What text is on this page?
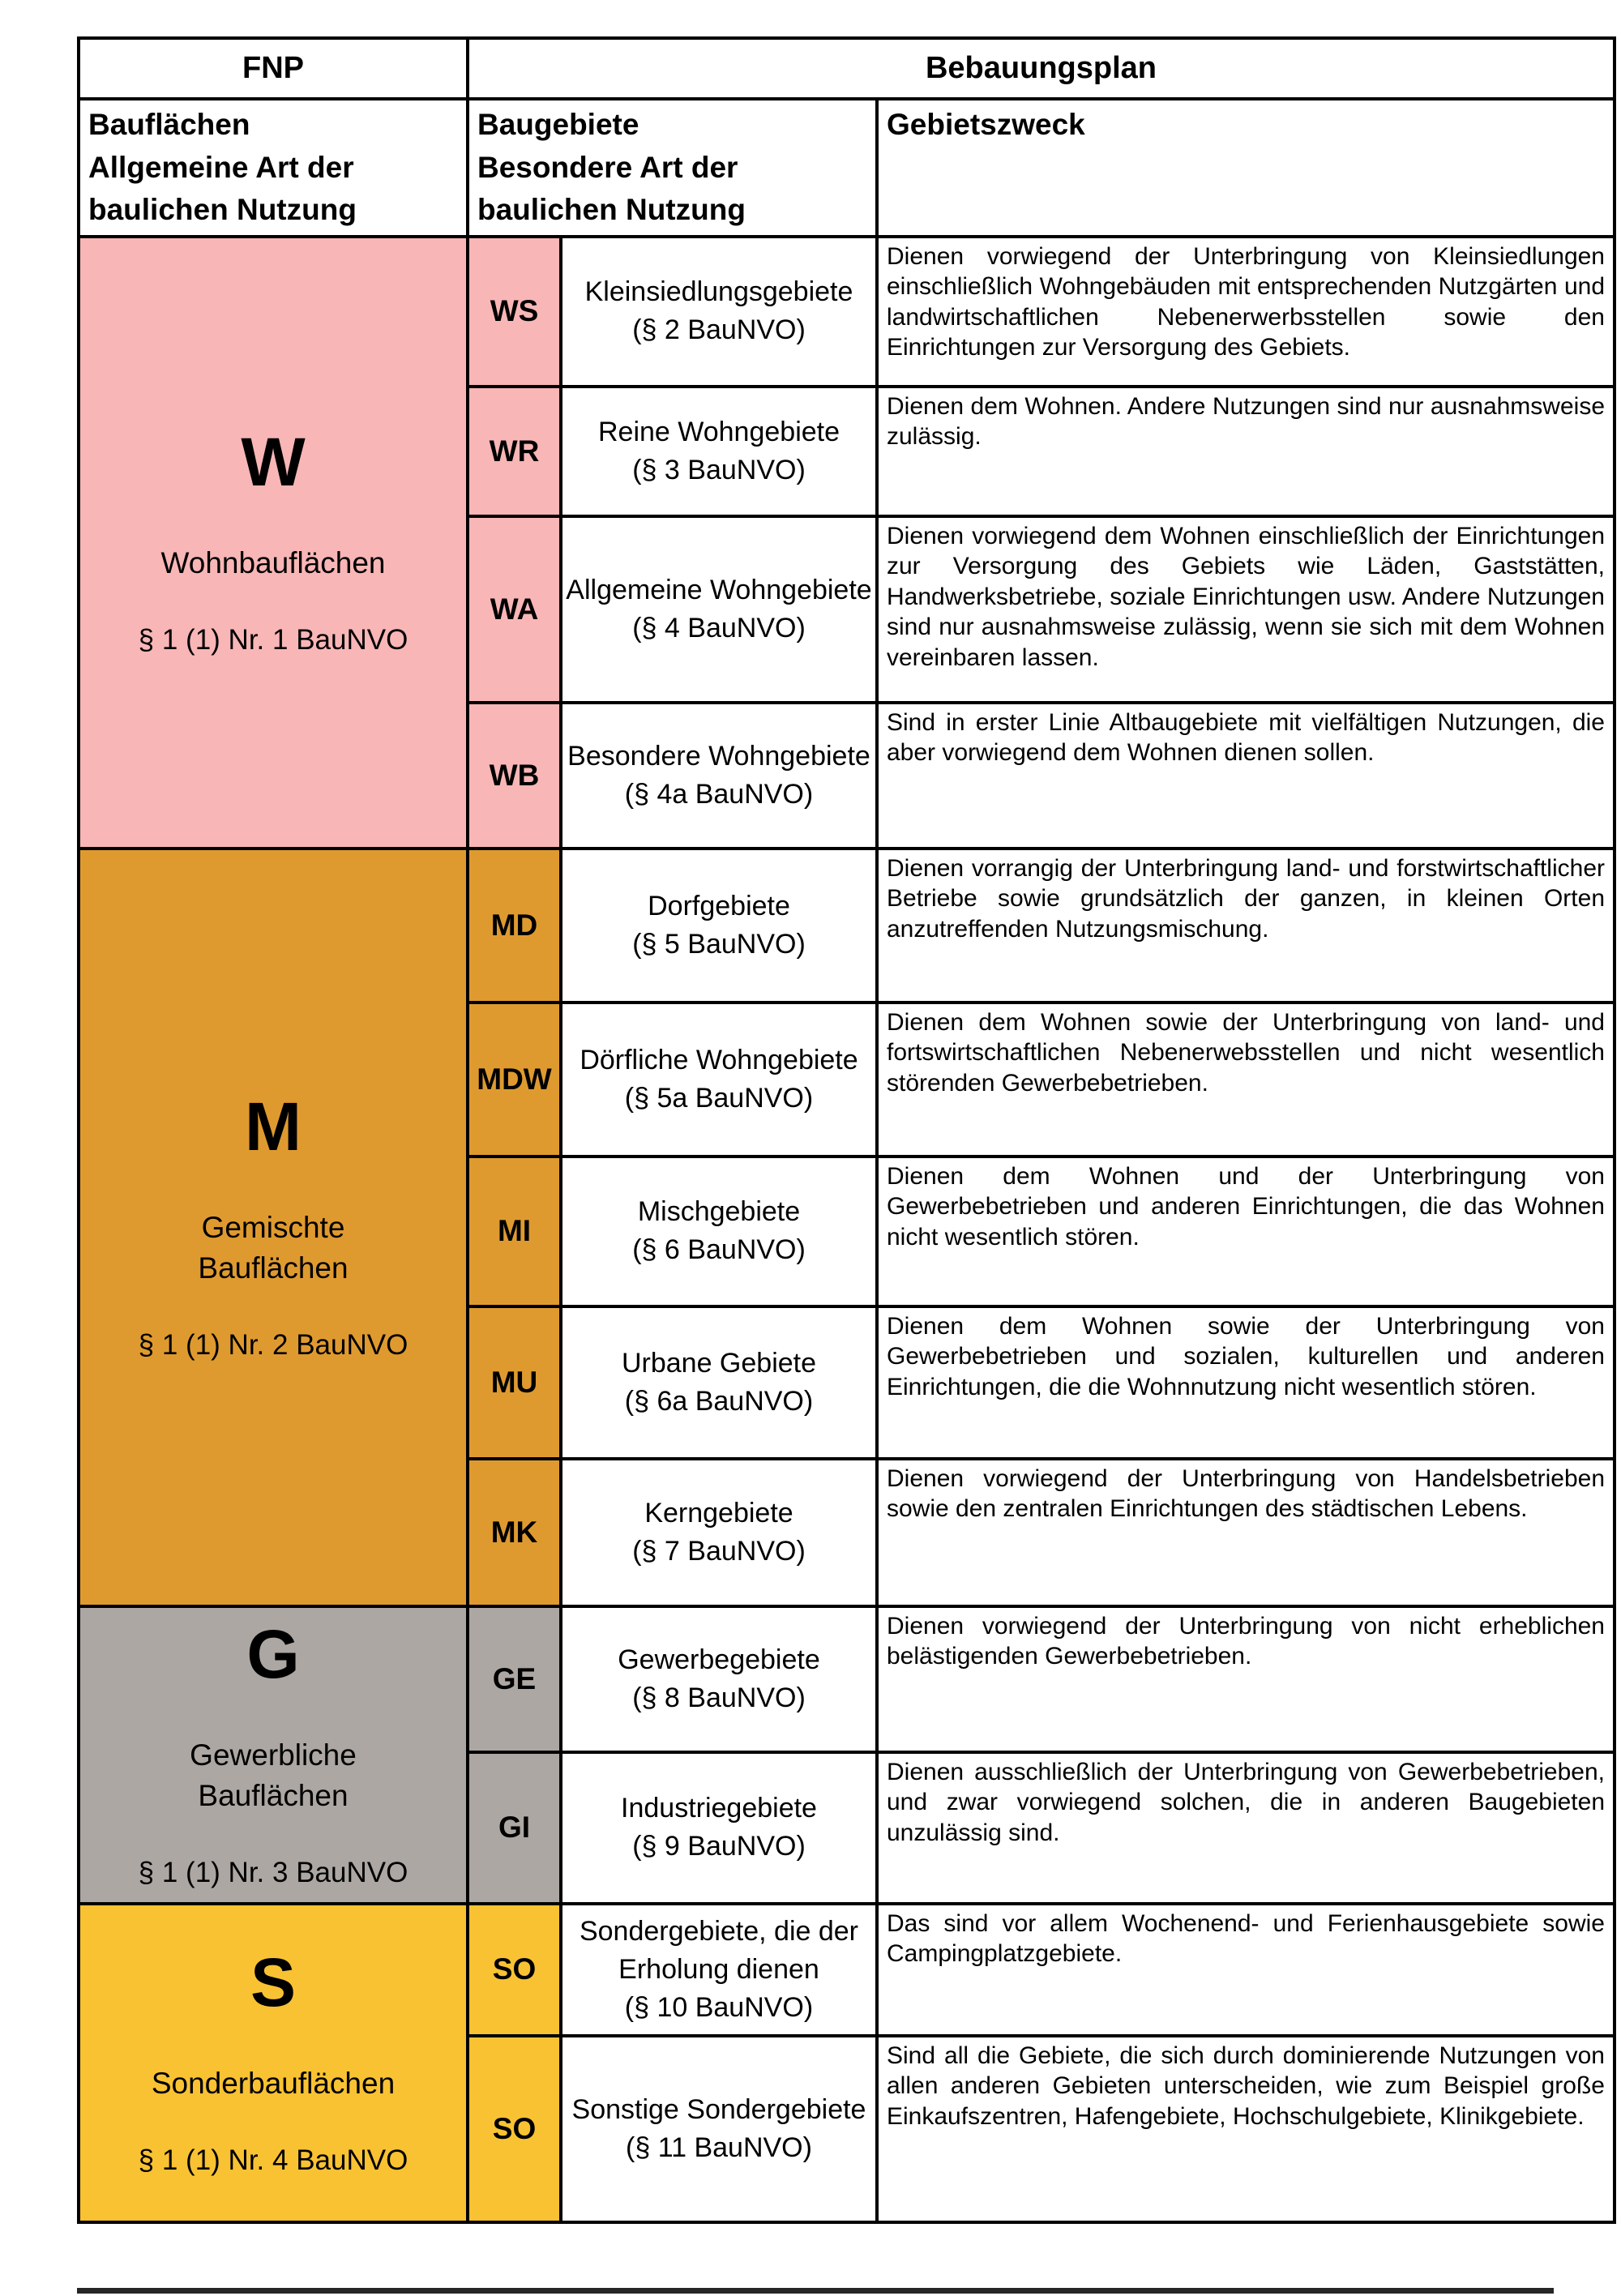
FNP	Bebauungsplan		
Bauflächen
Allgemeine Art der
baulichen Nutzung	Baugebiete
Besondere Art der
baulichen Nutzung		Gebietszweck

W
Wohnbauflächen
§ 1 (1) Nr. 1 BauNVO
	WS	Kleinsiedlungsgebiete
(§ 2 BauNVO)	Dienen vorwiegend der Unterbringung von Kleinsiedlungen einschließlich Wohngebäuden mit entsprechenden Nutzgärten und landwirtschaftlichen Nebenerwerbsstellen sowie den Einrichtungen zur Versorgung des Gebiets.
	WR	Reine Wohngebiete
(§ 3 BauNVO)	Dienen dem Wohnen. Andere Nutzungen sind nur ausnahmsweise zulässig.
	WA	Allgemeine Wohngebiete
(§ 4 BauNVO)	Dienen vorwiegend dem Wohnen einschließlich der Einrichtungen zur Versorgung des Gebiets wie Läden, Gaststätten, Handwerksbetriebe, soziale Einrichtungen usw. Andere Nutzungen sind nur ausnahmsweise zulässig, wenn sie sich mit dem Wohnen vereinbaren lassen.
	WB	Besondere Wohngebiete
(§ 4a BauNVO)	Sind in erster Linie Altbaugebiete mit vielfältigen Nutzungen, die aber vorwiegend dem Wohnen dienen sollen.

M
Gemischte
Bauflächen
§ 1 (1) Nr. 2 BauNVO
	MD	Dorfgebiete
(§ 5 BauNVO)	Dienen vorrangig der Unterbringung land- und forstwirtschaftlicher Betriebe sowie grundsätzlich der ganzen, in kleinen Orten anzutreffenden Nutzungsmischung.
	MDW	Dörfliche Wohngebiete
(§ 5a BauNVO)	Dienen dem Wohnen sowie der Unterbringung von land- und fortswirtschaftlichen Nebenerwebsstellen und nicht wesentlich störenden Gewerbebetrieben.
	MI	Mischgebiete
(§ 6 BauNVO)	Dienen dem Wohnen und der Unterbringung von Gewerbebetrieben und anderen Einrichtungen, die das Wohnen nicht wesentlich stören.
	MU	Urbane Gebiete
(§ 6a BauNVO)	Dienen dem Wohnen sowie der Unterbringung von Gewerbebetrieben und sozialen, kulturellen und anderen Einrichtungen, die die Wohnnutzung nicht wesentlich stören.
	MK	Kerngebiete
(§ 7 BauNVO)	Dienen vorwiegend der Unterbringung von Handelsbetrieben sowie den zentralen Einrichtungen des städtischen Lebens.

G
Gewerbliche
Bauflächen
§ 1 (1) Nr. 3 BauNVO
	GE	Gewerbegebiete
(§ 8 BauNVO)	Dienen vorwiegend der Unterbringung von nicht erheblichen belästigenden Gewerbebetrieben.
	GI	Industriegebiete
(§ 9 BauNVO)	Dienen ausschließlich der Unterbringung von Gewerbebetrieben, und zwar vorwiegend solchen, die in anderen Baugebieten unzulässig sind.

S
Sonderbauflächen
§ 1 (1) Nr. 4 BauNVO
	SO	Sondergebiete, die der
Erholung dienen
(§ 10 BauNVO)	Das sind vor allem Wochenend- und Ferienhausgebiete sowie Campingplatzgebiete.
	SO	Sonstige Sondergebiete
(§ 11 BauNVO)	Sind all die Gebiete, die sich durch dominierende Nutzungen von allen anderen Gebieten unterscheiden, wie zum Beispiel große Einkaufszentren, Hafengebiete, Hochschulgebiete, Klinikgebiete.
